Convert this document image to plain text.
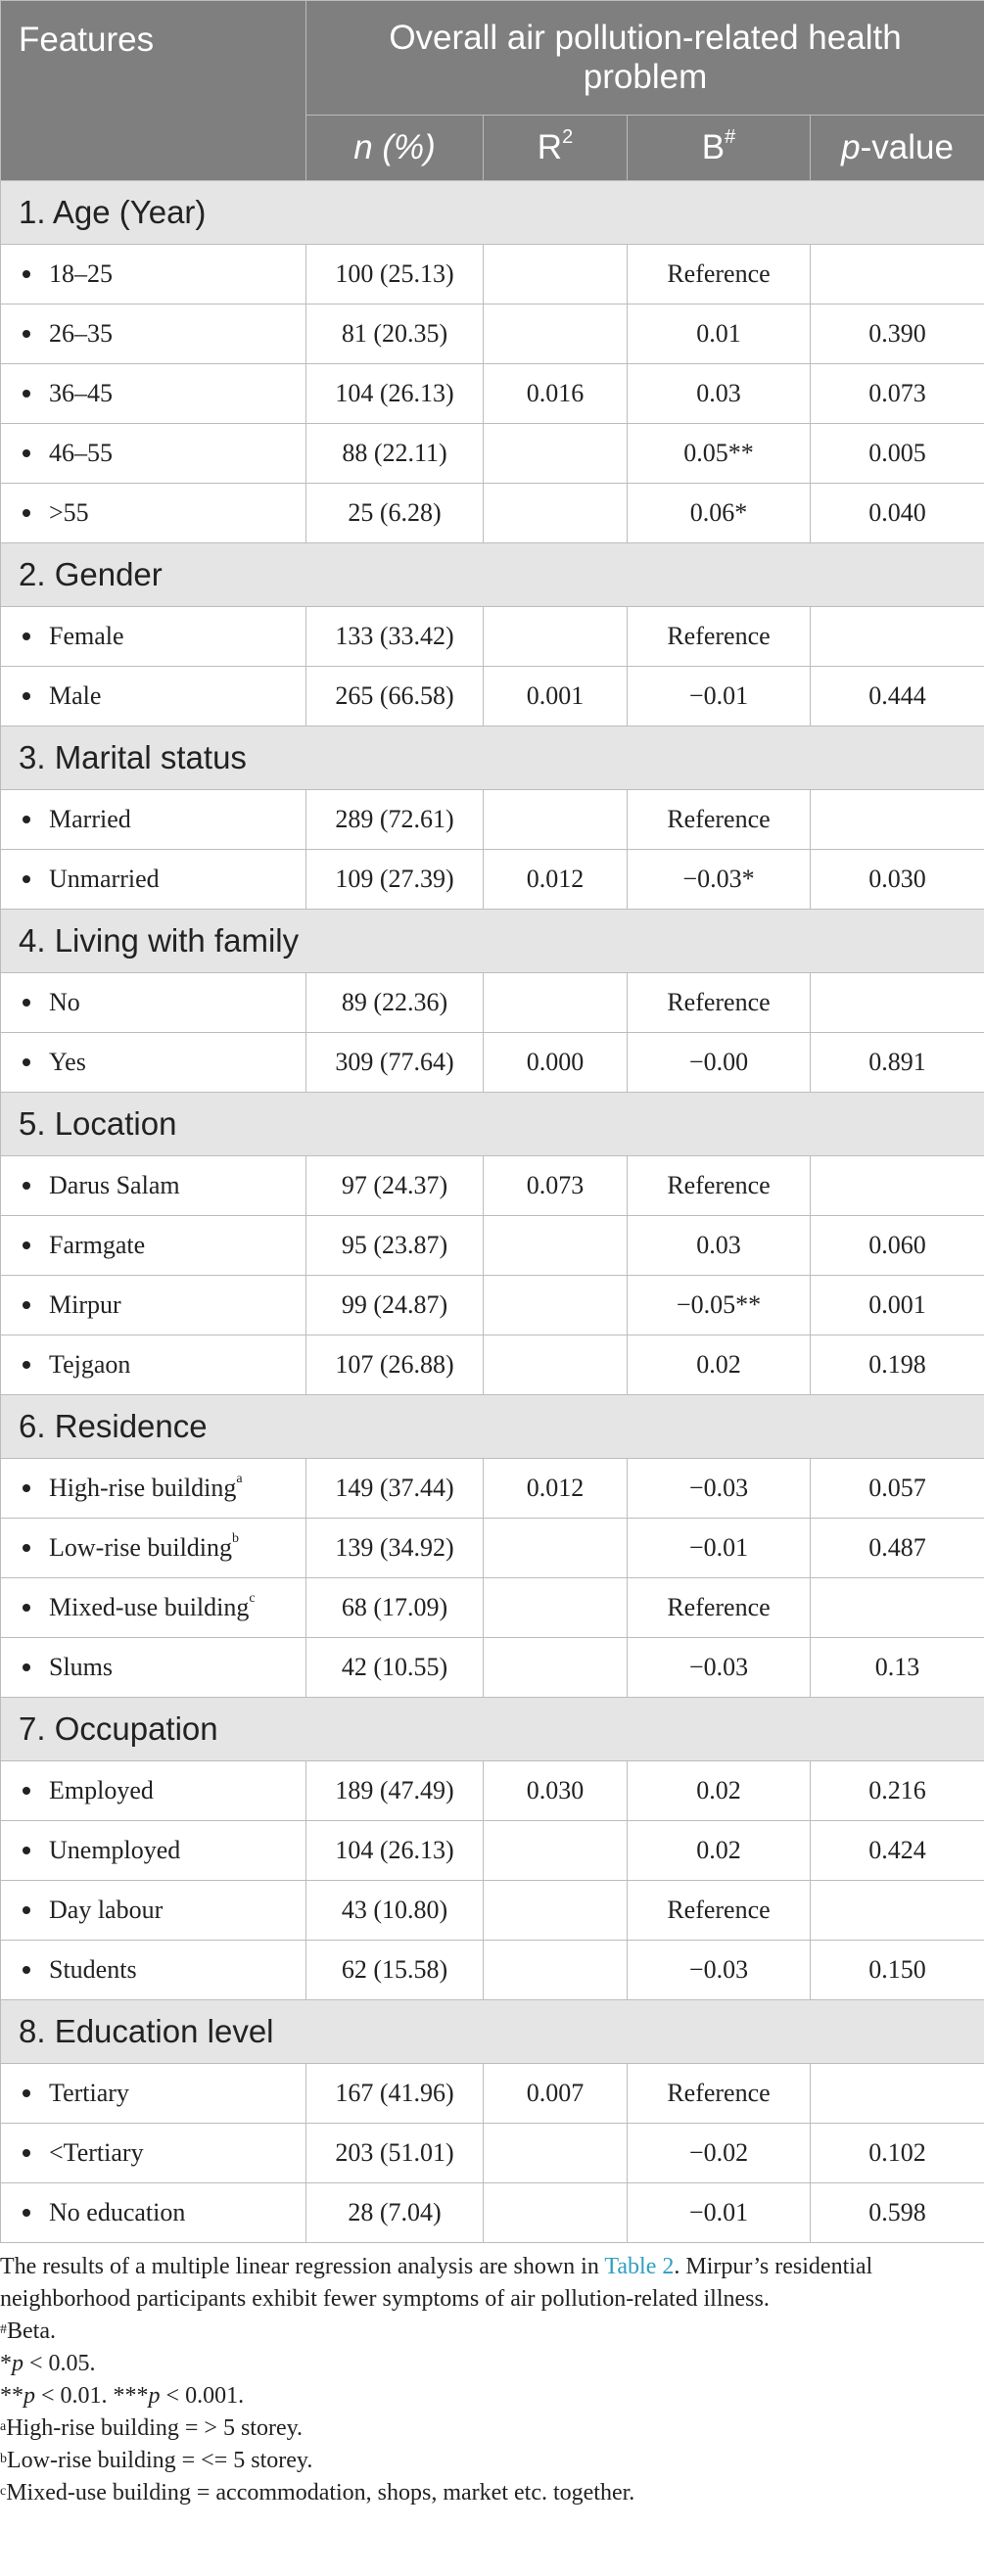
Features	Overall air pollution-related health problem			
	n (%)	$R^2$	B#	p-value
1. Age (Year)				
18–25	100 (25.13)		Reference	
26–35	81 (20.35)		0.01	0.390
36–45	104 (26.13)	0.016	0.03	0.073
46–55	88 (22.11)		0.05**	0.005
>55	25 (6.28)		0.06*	0.040
2. Gender				
Female	133 (33.42)		Reference	
Male	265 (66.58)	0.001	−0.01	0.444
3. Marital status				
Married	289 (72.61)		Reference	
Unmarried	109 (27.39)	0.012	−0.03*	0.030
4. Living with family				
No	89 (22.36)		Reference	
Yes	309 (77.64)	0.000	−0.00	0.891
5. Location				
Darus Salam	97 (24.37)	0.073	Reference	
Farmgate	95 (23.87)		0.03	0.060
Mirpur	99 (24.87)		−0.05**	0.001
Tejgaon	107 (26.88)		0.02	0.198
6. Residence				
High-rise building$^a$	149 (37.44)	0.012	−0.03	0.057
Low-rise building$^b$	139 (34.92)		−0.01	0.487
Mixed-use building$^c$	68 (17.09)		Reference	
Slums	42 (10.55)		−0.03	0.13
7. Occupation				
Employed	189 (47.49)	0.030	0.02	0.216
Unemployed	104 (26.13)		0.02	0.424
Day labour	43 (10.80)		Reference	
Students	62 (15.58)		−0.03	0.150
8. Education level				
Tertiary	167 (41.96)	0.007	Reference	
<Tertiary	203 (51.01)		−0.02	0.102
No education	28 (7.04)		−0.01	0.598

The results of a multiple linear regression analysis are shown in Table 2. Mirpur’s residential neighborhood participants exhibit fewer symptoms of air pollution-related illness.

#Beta.

*p < 0.05.

**p < 0.01. ***p < 0.001.

$^a$High-rise building = > 5 storey.

$^b$Low-rise building = <= 5 storey.

$^c$Mixed-use building = accommodation, shops, market etc. together.
